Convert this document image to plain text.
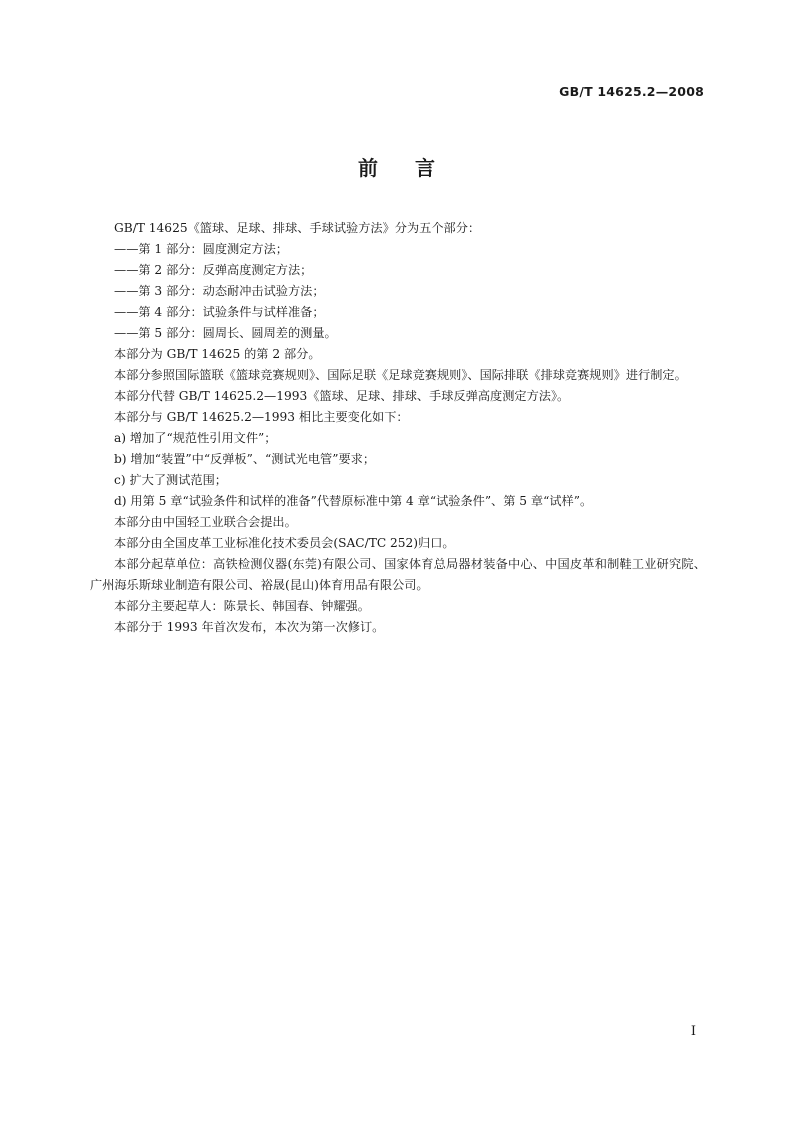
GB/T 14625.2—2008
前 言

GB/T 14625《篮球、足球、排球、手球试验方法》分为五个部分：

——第 1 部分：圆度测定方法；

——第 2 部分：反弹高度测定方法；

——第 3 部分：动态耐冲击试验方法；

——第 4 部分：试验条件与试样准备；

——第 5 部分：圆周长、圆周差的测量。

本部分为 GB/T 14625 的第 2 部分。

本部分参照国际篮联《篮球竞赛规则》、国际足联《足球竞赛规则》、国际排联《排球竞赛规则》进行制定。

本部分代替 GB/T 14625.2—1993《篮球、足球、排球、手球反弹高度测定方法》。

本部分与 GB/T 14625.2—1993 相比主要变化如下：

a) 增加了“规范性引用文件”；

b) 增加“装置”中“反弹板”、“测试光电管”要求；

c) 扩大了测试范围；

d) 用第 5 章“试验条件和试样的准备”代替原标准中第 4 章“试验条件”、第 5 章“试样”。

本部分由中国轻工业联合会提出。

本部分由全国皮革工业标准化技术委员会(SAC/TC 252)归口。

本部分起草单位：高铁检测仪器(东莞)有限公司、国家体育总局器材装备中心、中国皮革和制鞋工业研究院、广州海乐斯球业制造有限公司、裕晟(昆山)体育用品有限公司。

本部分主要起草人：陈景长、韩国春、钟耀强。

本部分于 1993 年首次发布，本次为第一次修订。

I
